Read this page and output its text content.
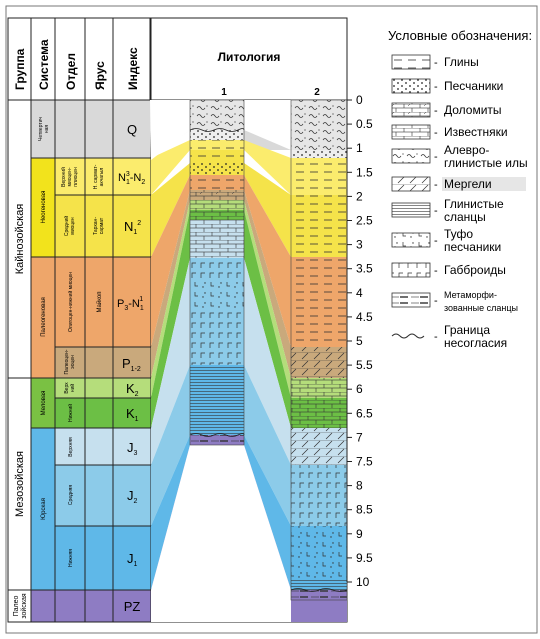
Группа Система Отдел Ярус Индекс	Литология
Кайнозойская
Мезозойская
Палеозойская
Четвертичная
Неогеновая
Палеогеновая
Меловая
Юрская
Верхниймиоцен-плиоцен
Средниймиоцен
Олигоцен-нижний миоцен
Палеоцен-эоцен
Верхний
Нижний
Верхняя
Средняя
Нижняя
Н. сармат-акчагыл
Тархан-сармат
Майкоп
Q
$N_13-N_2$
$N_1^2$
$P_3-N_11$
$P_{1-2}$
$K_2$
$K_1$
$J_3$
$J_2$
$J_1$
PZ
1	2
0
0.5
1
1.5
2
2.5
3
3.5
4
4.5
5
5.5
6
6.5
7
7.5
8
8.5
9
9.5
10
Условные обозначения:
- Глины
- Песчаники
- Доломиты
- Известняки
- Алевро-глинистые илы
- Мергели
- Глинистые сланцы
- Туфо песчаники
- Габброиды
- Метаморфи-зованные сланцы
- Граница несогласия
